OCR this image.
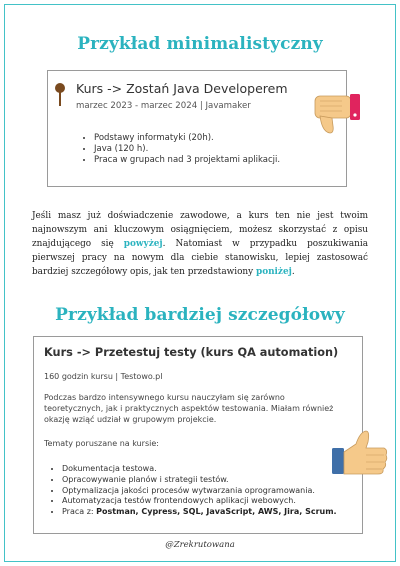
Przykład minimalistyczny
Kurs -> Zostań Java Developerem
marzec 2023 - marzec 2024 | Javamaker
• Podstawy informatyki (20h).
• Java (120 h).
• Praca w grupach nad 3 projektami aplikacji.

Jeśli masz już doświadczenie zawodowe, a kurs ten nie jest twoim najnowszym ani kluczowym osiągnięciem, możesz skorzystać z opisu znajdującego się powyżej. Natomiast w przypadku poszukiwania pierwszej pracy na nowym dla ciebie stanowisku, lepiej zastosować bardziej szczegółowy opis, jak ten przedstawiony poniżej.

Przykład bardziej szczegółowy
Kurs -> Przetestuj testy (kurs QA automation)
160 godzin kursu | Testowo.pl

Podczas bardzo intensywnego kursu nauczyłam się zarówno teoretycznych, jak i praktycznych aspektów testowania. Miałam również okazję wziąć udział w grupowym projekcie.

Tematy poruszane na kursie:
• Dokumentacja testowa.
• Opracowywanie planów i strategii testów.
• Optymalizacja jakości procesów wytwarzania oprogramowania.
• Automatyzacja testów frontendowych aplikacji webowych.
• Praca z: Postman, Cypress, SQL, JavaScript, AWS, Jira, Scrum.
@Zrekrutowana
